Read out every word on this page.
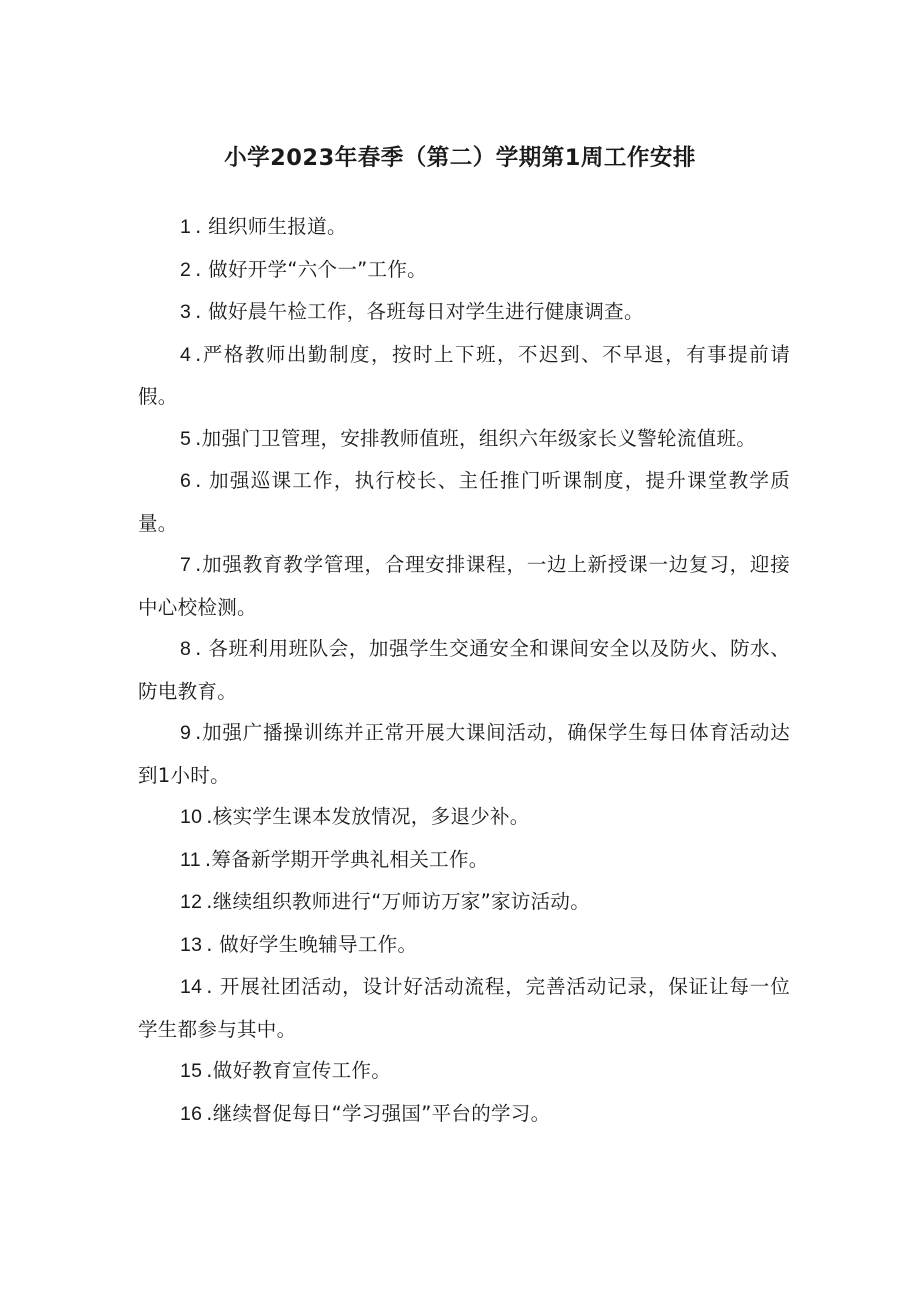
小学2023年春季（第二）学期第1周工作安排

1 . 组织师生报道。

2 . 做好开学“六个一”工作。

3 . 做好晨午检工作，各班每日对学生进行健康调查。

4 .严格教师出勤制度，按时上下班，不迟到、不早退，有事提前请假。

5 .加强门卫管理，安排教师值班，组织六年级家长义警轮流值班。

6 . 加强巡课工作，执行校长、主任推门听课制度，提升课堂教学质量。

7 .加强教育教学管理，合理安排课程，一边上新授课一边复习，迎接中心校检测。

8 . 各班利用班队会，加强学生交通安全和课间安全以及防火、防水、防电教育。

9 .加强广播操训练并正常开展大课间活动，确保学生每日体育活动达到1小时。

10 .核实学生课本发放情况，多退少补。

11 .筹备新学期开学典礼相关工作。

12 .继续组织教师进行“万师访万家”家访活动。

13 . 做好学生晚辅导工作。

14 . 开展社团活动，设计好活动流程，完善活动记录，保证让每一位学生都参与其中。

15 .做好教育宣传工作。

16 .继续督促每日“学习强国”平台的学习。
